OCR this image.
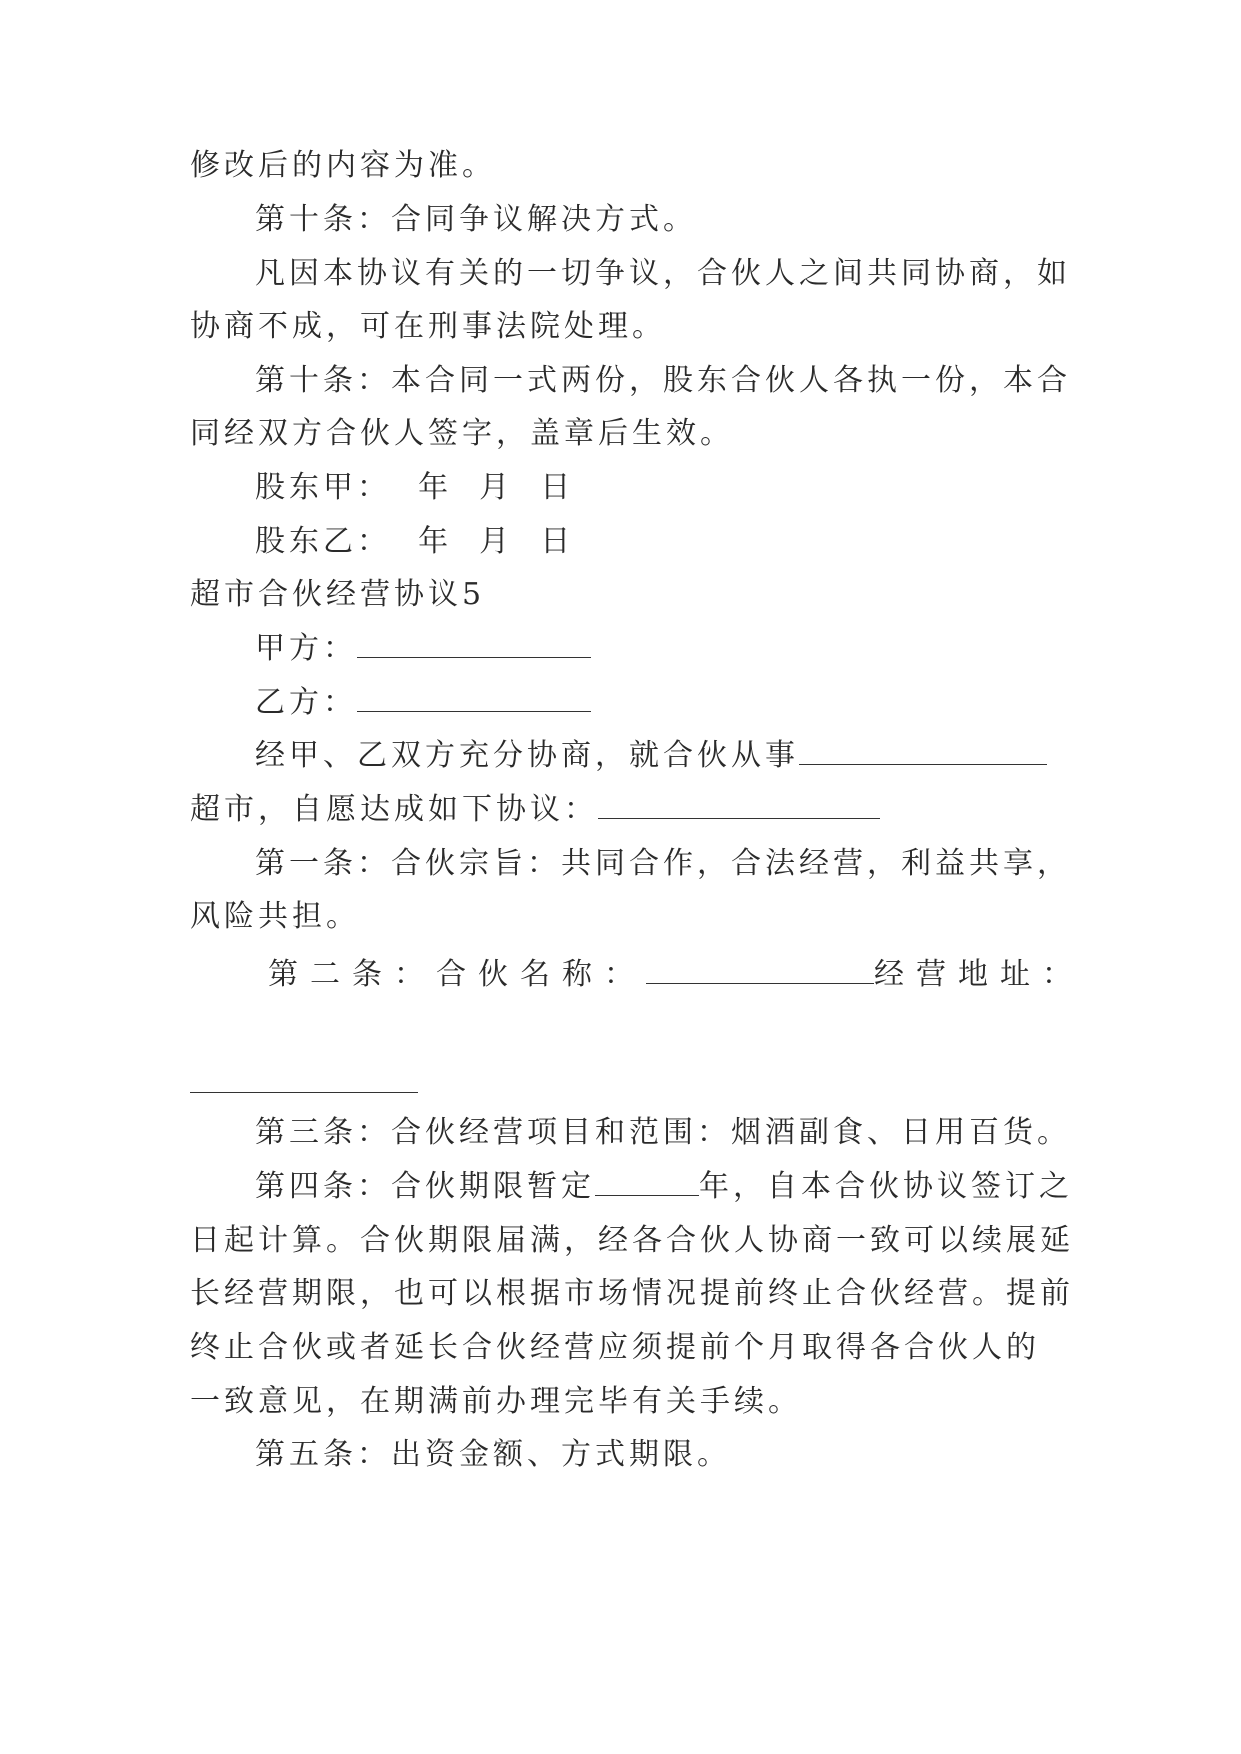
修改后的内容为准。
第十条：合同争议解决方式。
凡因本协议有关的一切争议，合伙人之间共同协商，如
协商不成，可在刑事法院处理。
第十条：本合同一式两份，股东合伙人各执一份，本合
同经双方合伙人签字，盖章后生效。
股东甲：  年  月  日
股东乙：  年  月  日
超市合伙经营协议5
甲方：
乙方：
经甲、乙双方充分协商，就合伙从事
超市，自愿达成如下协议：
第一条：合伙宗旨：共同合作，合法经营，利益共享，
风险共担。
第二条：合伙名称：	经营地址：
第三条：合伙经营项目和范围：烟酒副食、日用百货。
第四条：合伙期限暂定	年，自本合伙协议签订之
日起计算。合伙期限届满，经各合伙人协商一致可以续展延
长经营期限，也可以根据市场情况提前终止合伙经营。提前
终止合伙或者延长合伙经营应须提前个月取得各合伙人的
一致意见，在期满前办理完毕有关手续。
第五条：出资金额、方式期限。
